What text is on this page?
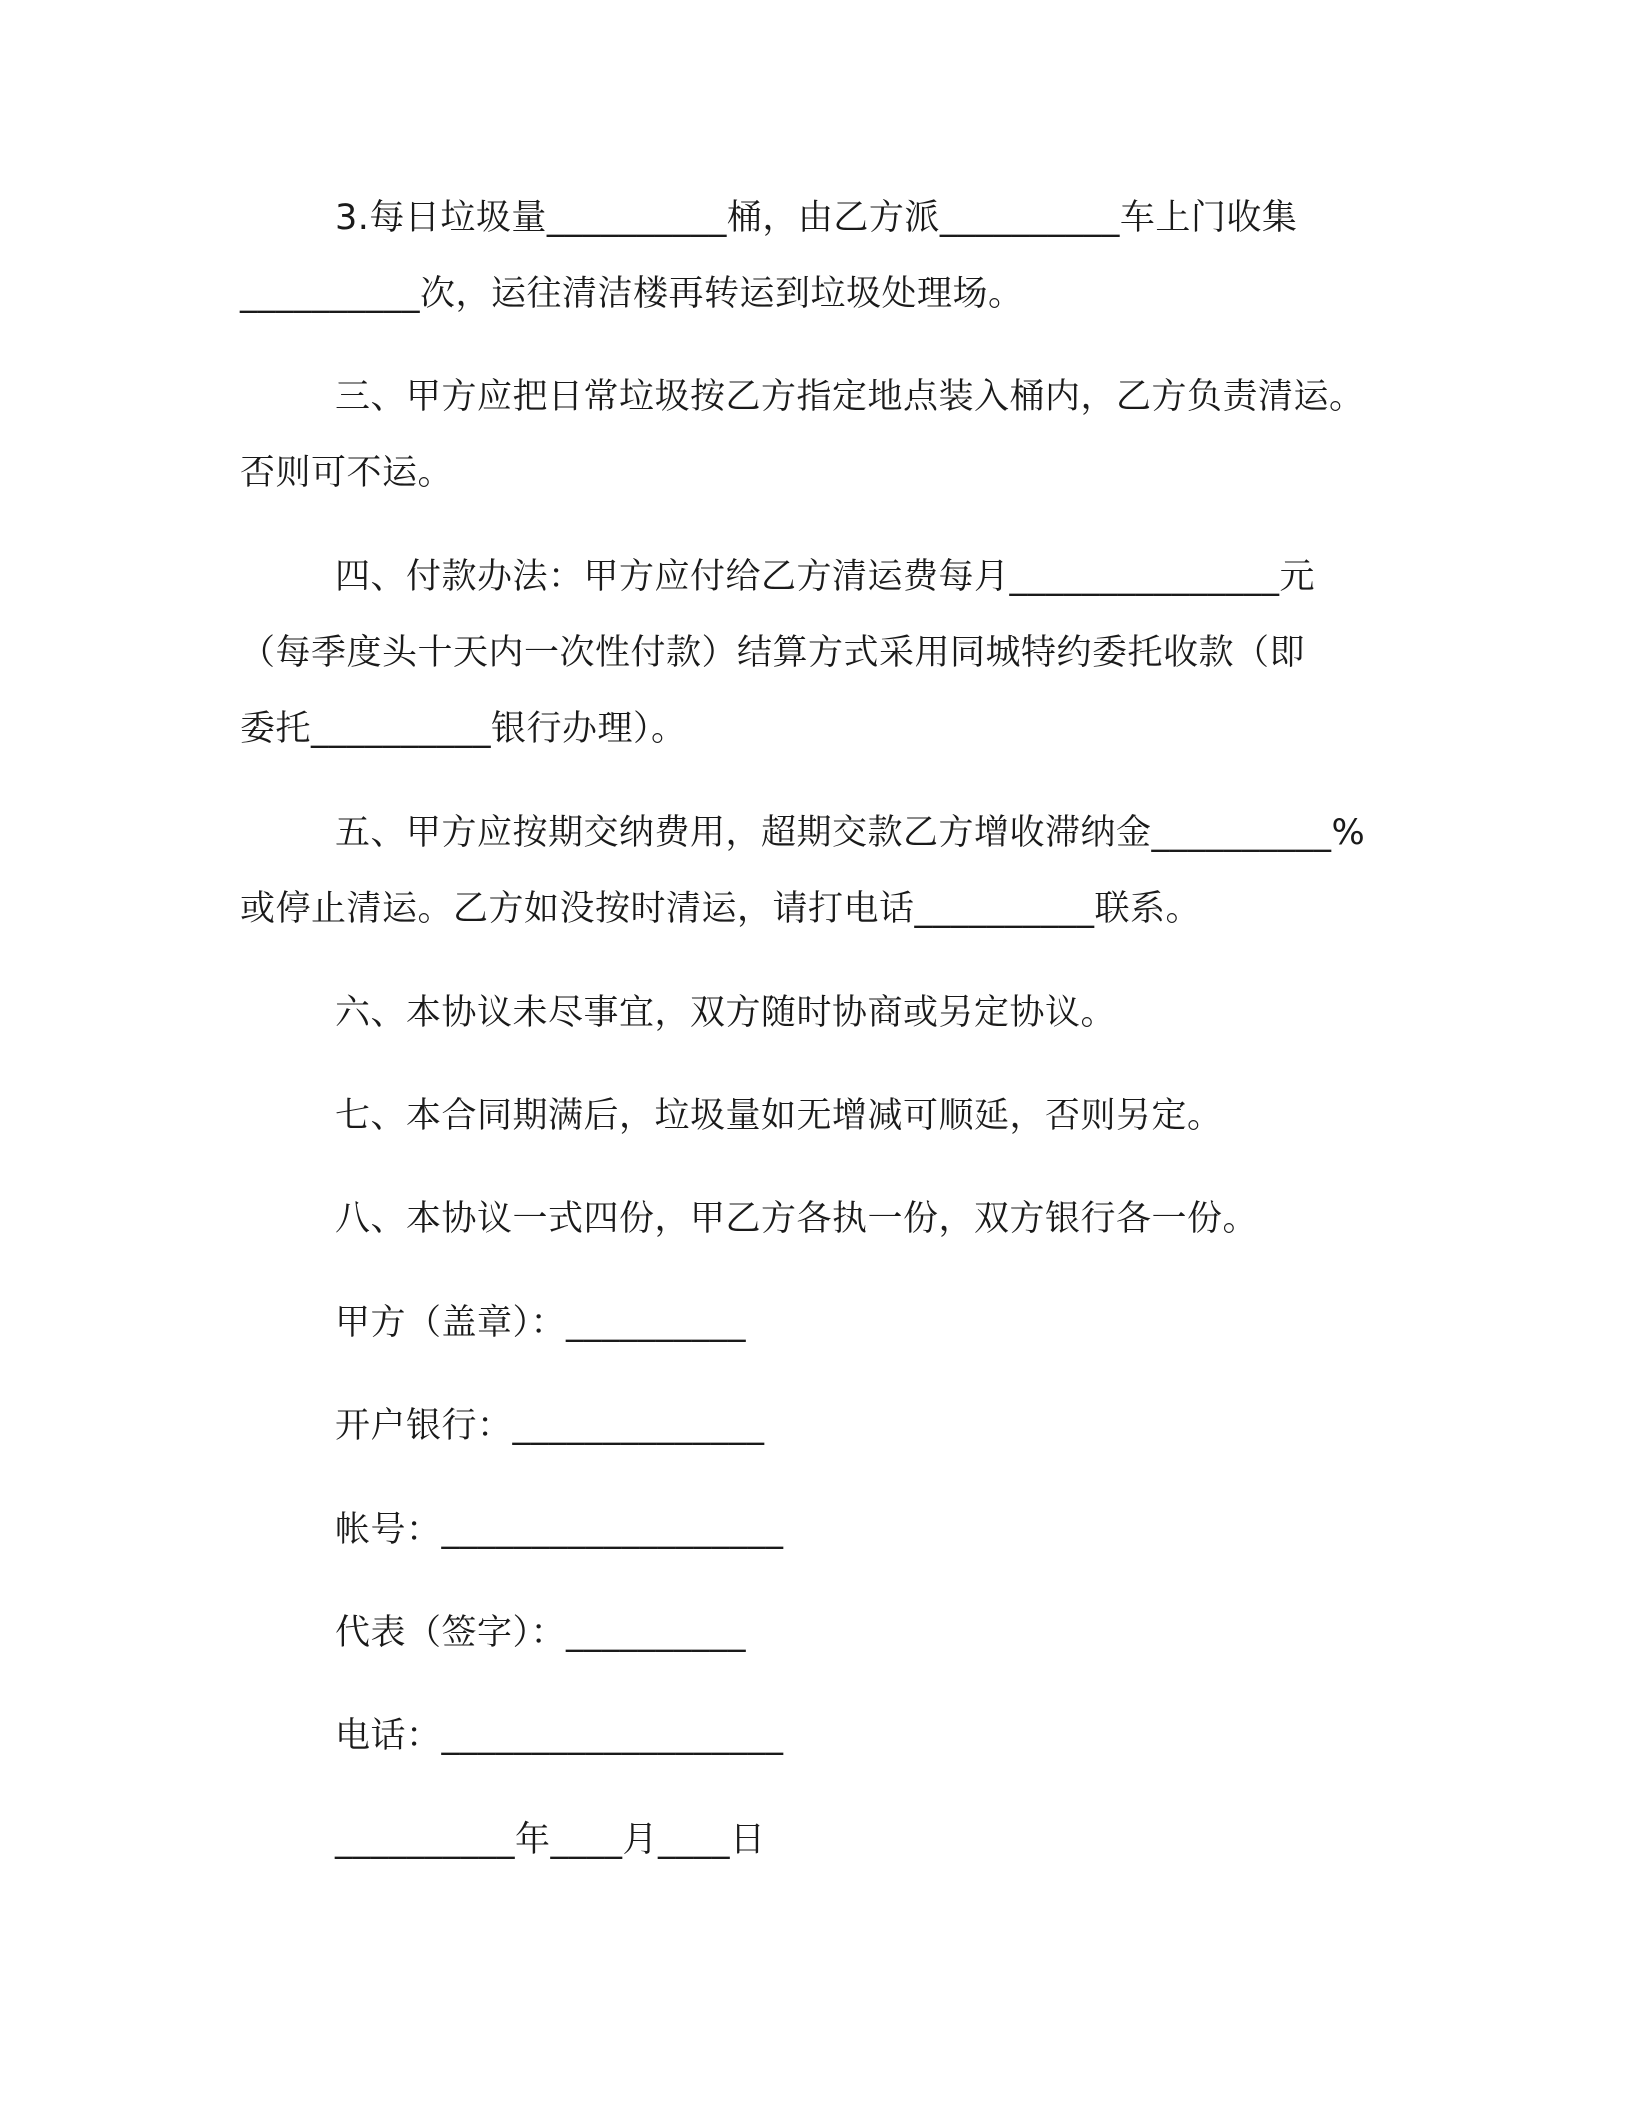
3.每日垃圾量__________桶，由乙方派__________车上门收集
__________次，运往清洁楼再转运到垃圾处理场。
三、甲方应把日常垃圾按乙方指定地点装入桶内，乙方负责清运。
否则可不运。
四、付款办法：甲方应付给乙方清运费每月_______________元
（每季度头十天内一次性付款）结算方式采用同城特约委托收款（即
委托__________银行办理）。
五、甲方应按期交纳费用，超期交款乙方增收滞纳金__________%
或停止清运。乙方如没按时清运，请打电话__________联系。
六、本协议未尽事宜，双方随时协商或另定协议。
七、本合同期满后，垃圾量如无增减可顺延，否则另定。
八、本协议一式四份，甲乙方各执一份，双方银行各一份。
甲方（盖章）：__________
开户银行：______________
帐号：___________________
代表（签字）：__________
电话：___________________
__________年____月____日
